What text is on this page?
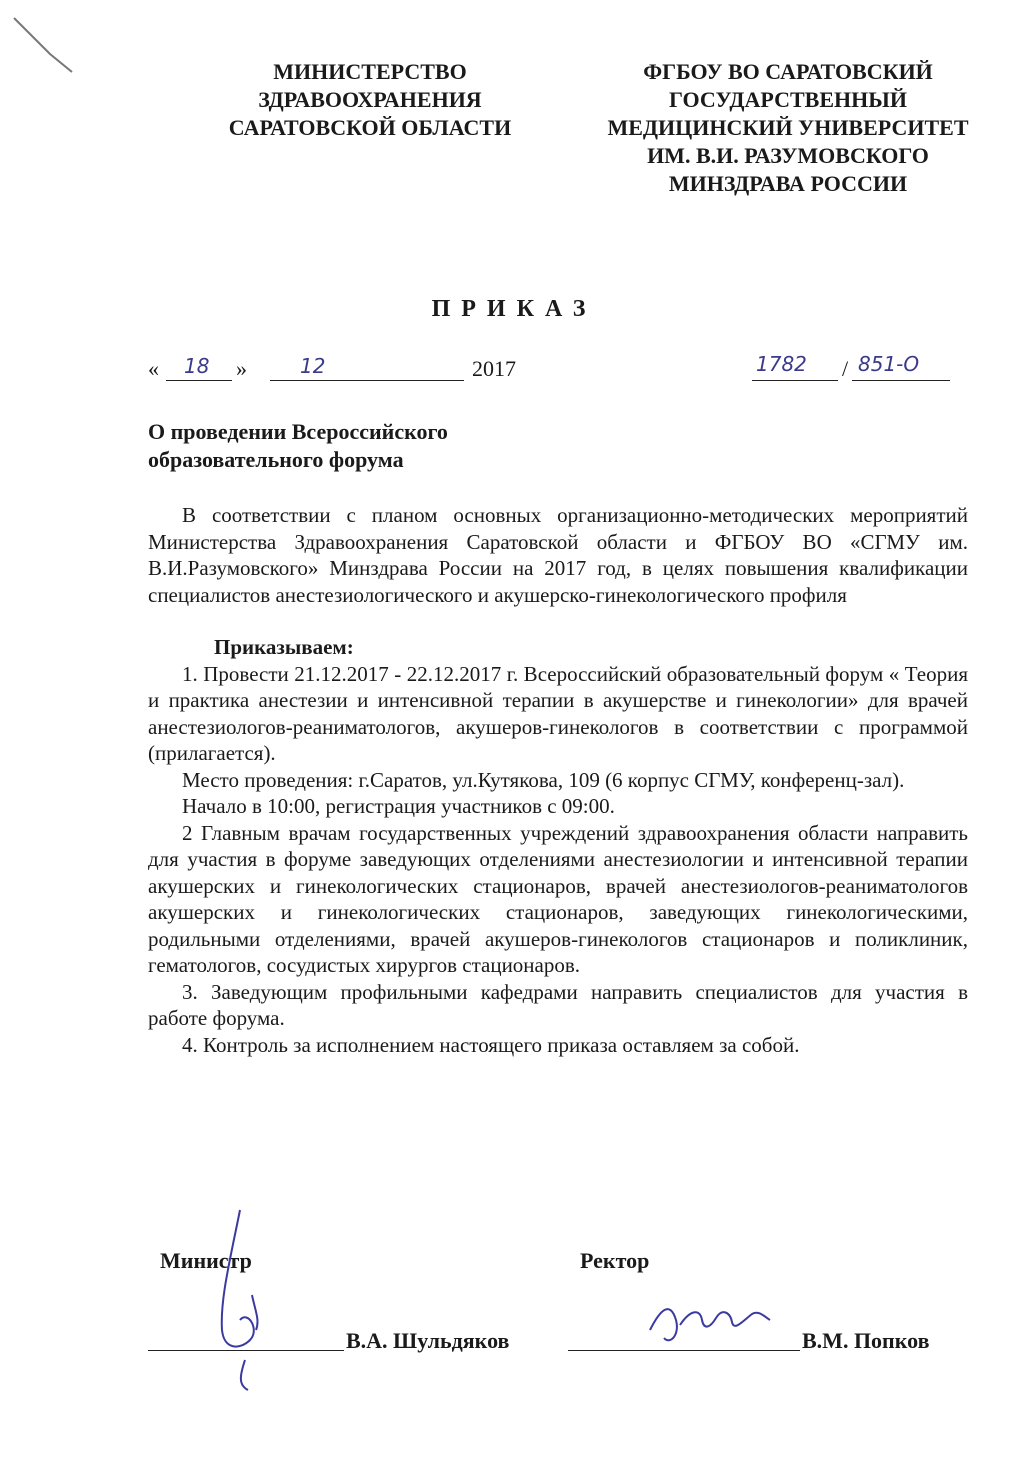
МИНИСТЕРСТВО
ЗДРАВООХРАНЕНИЯ
САРАТОВСКОЙ ОБЛАСТИ
ФГБОУ ВО САРАТОВСКИЙ
ГОСУДАРСТВЕННЫЙ
МЕДИЦИНСКИЙ УНИВЕРСИТЕТ
ИМ. В.И. РАЗУМОВСКОГО
МИНЗДРАВА РОССИИ
ПРИКАЗ
« 18 »	12	2017	1782 / 851-О
О проведении Всероссийского
образовательного форума

В соответствии с планом основных организационно-методических мероприятий Министерства Здравоохранения Саратовской области и ФГБОУ ВО «СГМУ им. В.И.Разумовского» Минздрава России на 2017 год, в целях повышения квалификации специалистов анестезиологического и акушерско-гинекологического профиля

Приказываем:

1. Провести 21.12.2017 - 22.12.2017 г. Всероссийский образовательный форум « Теория и практика анестезии и интенсивной терапии в акушерстве и гинекологии» для врачей анестезиологов-реаниматологов, акушеров-гинекологов в соответствии с программой (прилагается).

Место проведения: г.Саратов, ул.Кутякова, 109 (6 корпус СГМУ, конференц-зал).

Начало в 10:00, регистрация участников с 09:00.

2 Главным врачам государственных учреждений здравоохранения области направить для участия в форуме заведующих отделениями анестезиологии и интенсивной терапии акушерских и гинекологических стационаров, врачей анестезиологов-реаниматологов акушерских и гинекологических стационаров, заведующих гинекологическими, родильными отделениями, врачей акушеров-гинекологов стационаров и поликлиник, гематологов, сосудистых хирургов стационаров.

3. Заведующим профильными кафедрами направить специалистов для участия в работе форума.

4. Контроль за исполнением настоящего приказа оставляем за собой.

Министр
В.А. Шульдяков
Ректор
В.М. Попков
